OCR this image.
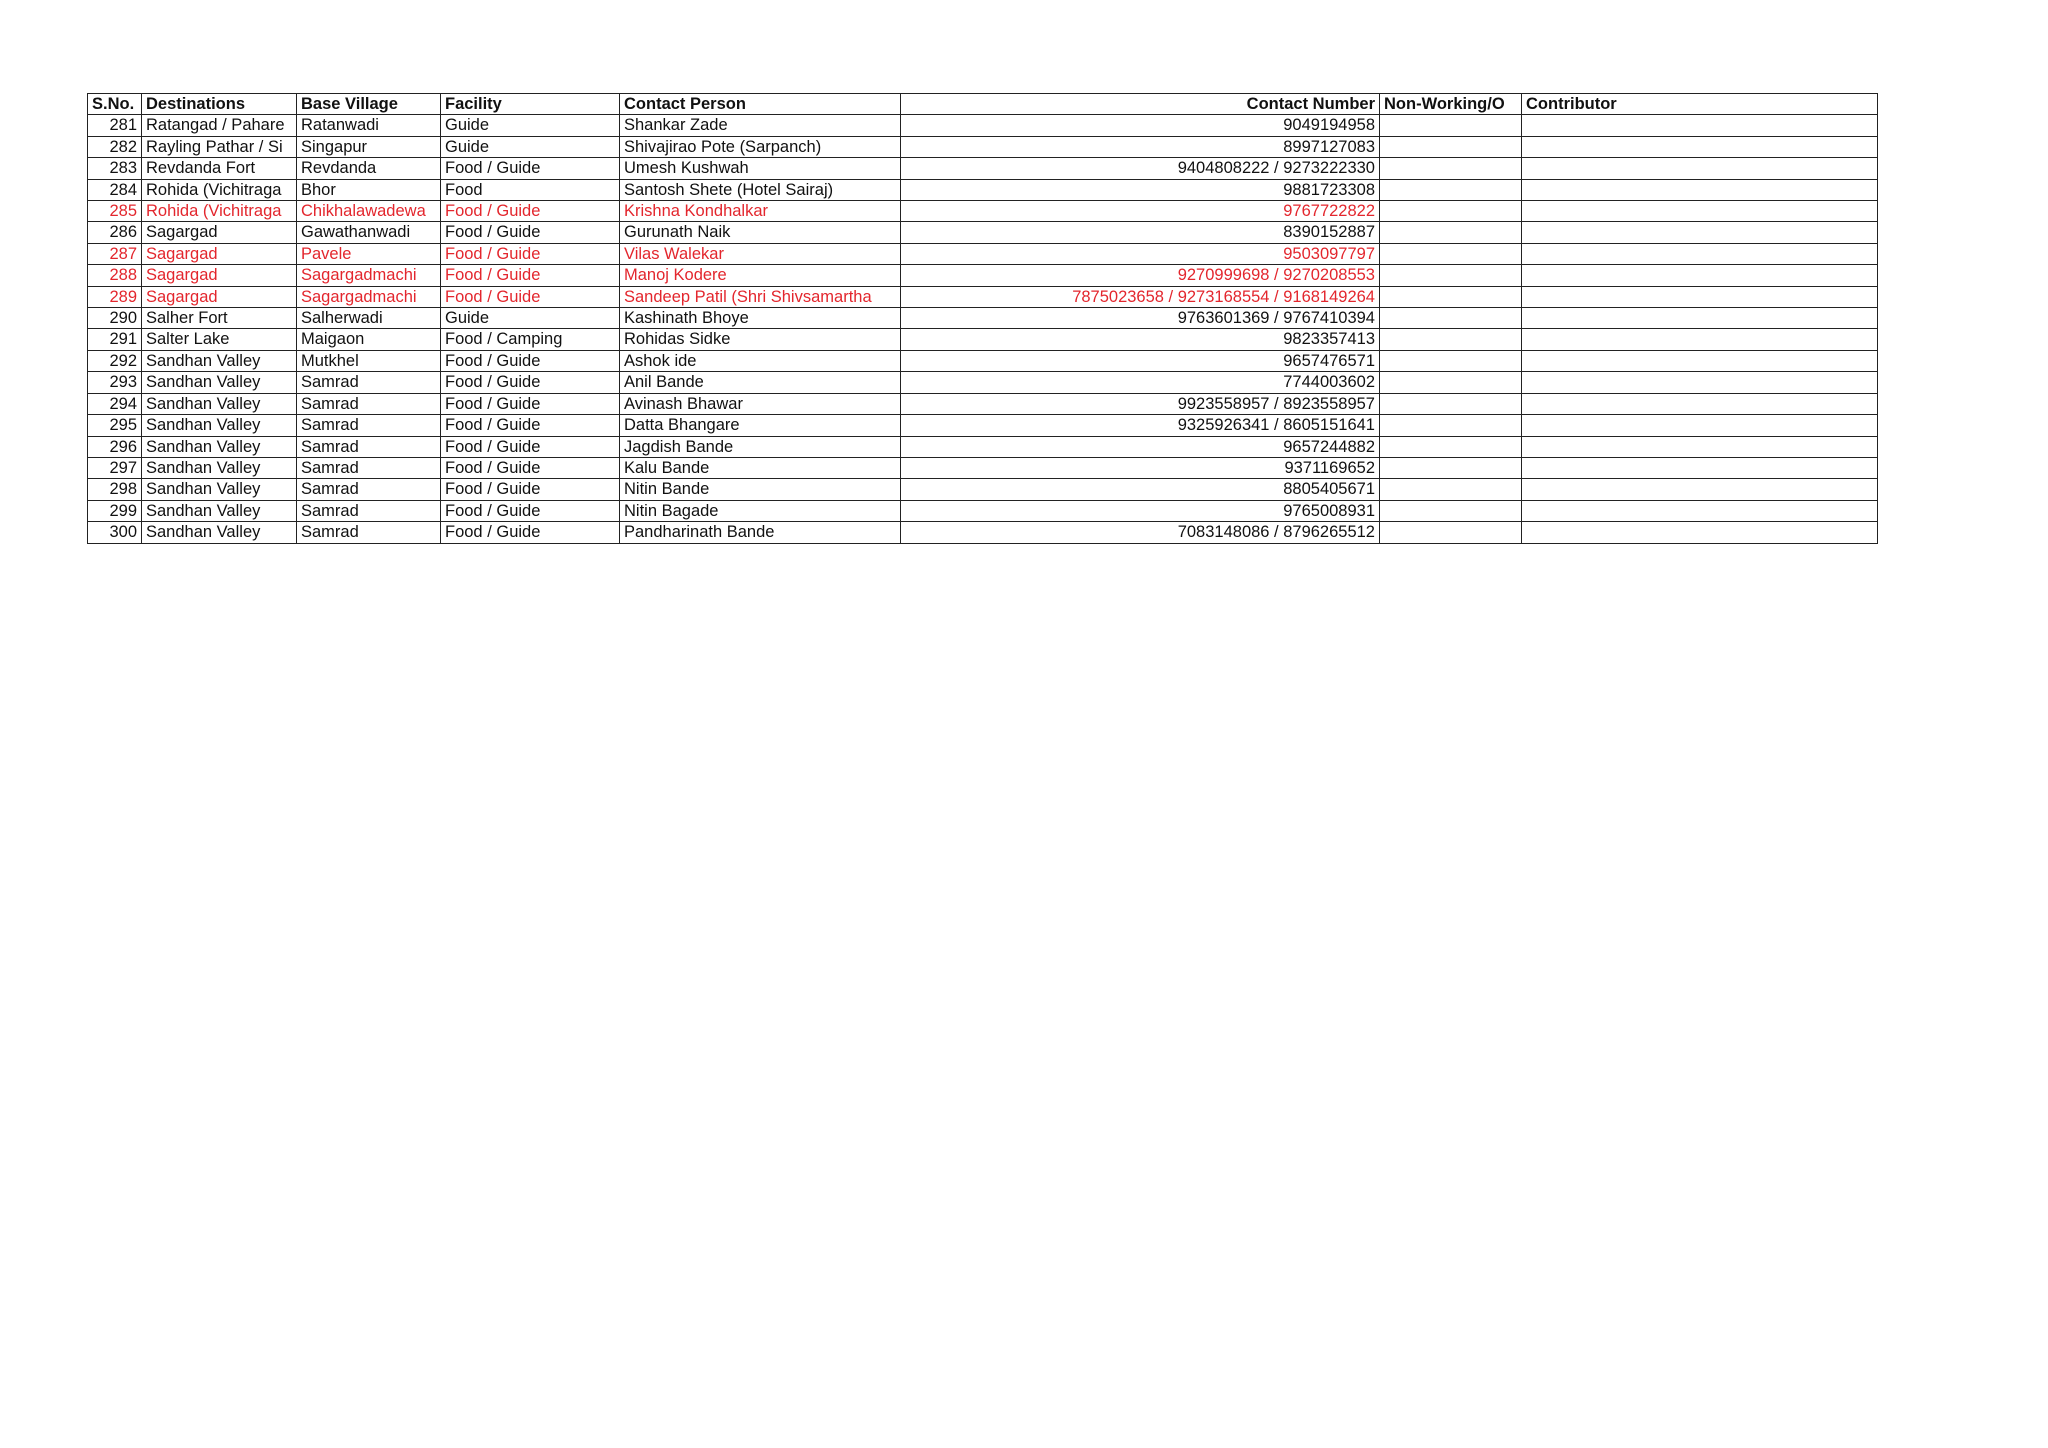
S.No.	Destinations	Base Village	Facility	Contact Person	Contact Number	Non-Working/O	Contributor
281	Ratangad / Pahare	Ratanwadi	Guide	Shankar Zade	9049194958		
282	Rayling Pathar / Si	Singapur	Guide	Shivajirao Pote (Sarpanch)	8997127083		
283	Revdanda Fort	Revdanda	Food / Guide	Umesh Kushwah	9404808222 / 9273222330		
284	Rohida (Vichitraga	Bhor	Food	Santosh Shete (Hotel Sairaj)	9881723308		
285	Rohida (Vichitraga	Chikhalawadewa	Food / Guide	Krishna Kondhalkar	9767722822		
286	Sagargad	Gawathanwadi	Food / Guide	Gurunath Naik	8390152887		
287	Sagargad	Pavele	Food / Guide	Vilas Walekar	9503097797		
288	Sagargad	Sagargadmachi	Food / Guide	Manoj Kodere	9270999698 / 9270208553		
289	Sagargad	Sagargadmachi	Food / Guide	Sandeep Patil (Shri Shivsamartha	7875023658 / 9273168554 / 9168149264		
290	Salher Fort	Salherwadi	Guide	Kashinath Bhoye	9763601369 / 9767410394		
291	Salter Lake	Maigaon	Food / Camping	Rohidas Sidke	9823357413		
292	Sandhan Valley	Mutkhel	Food / Guide	Ashok ide	9657476571		
293	Sandhan Valley	Samrad	Food / Guide	Anil Bande	7744003602		
294	Sandhan Valley	Samrad	Food / Guide	Avinash Bhawar	9923558957 / 8923558957		
295	Sandhan Valley	Samrad	Food / Guide	Datta Bhangare	9325926341 / 8605151641		
296	Sandhan Valley	Samrad	Food / Guide	Jagdish Bande	9657244882		
297	Sandhan Valley	Samrad	Food / Guide	Kalu Bande	9371169652		
298	Sandhan Valley	Samrad	Food / Guide	Nitin Bande	8805405671		
299	Sandhan Valley	Samrad	Food / Guide	Nitin Bagade	9765008931		
300	Sandhan Valley	Samrad	Food / Guide	Pandharinath Bande	7083148086 / 8796265512		
